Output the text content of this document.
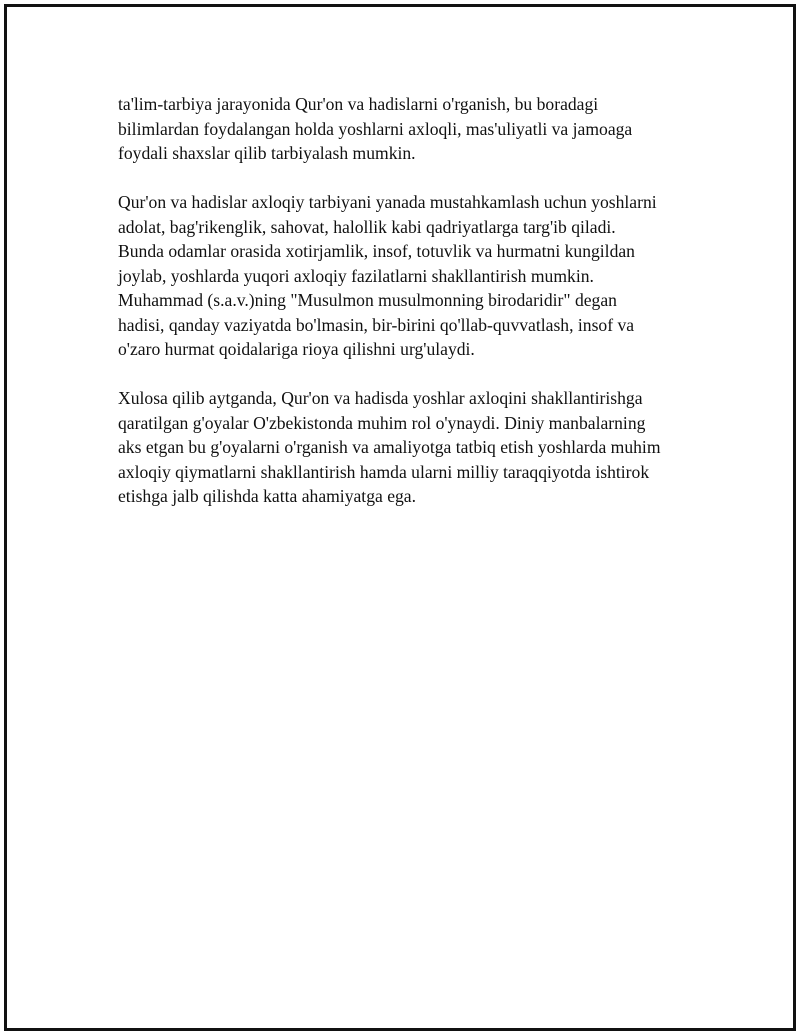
ta'lim-tarbiya jarayonida Qur'on va hadislarni o'rganish, bu boradagi
bilimlardan foydalangan holda yoshlarni axloqli, mas'uliyatli va jamoaga
foydali shaxslar qilib tarbiyalash mumkin.

Qur'on va hadislar axloqiy tarbiyani yanada mustahkamlash uchun yoshlarni
adolat, bag'rikenglik, sahovat, halollik kabi qadriyatlarga targ'ib qiladi.
Bunda odamlar orasida xotirjamlik, insof, totuvlik va hurmatni kungildan
joylab, yoshlarda yuqori axloqiy fazilatlarni shakllantirish mumkin.
Muhammad (s.a.v.)ning "Musulmon musulmonning birodaridir" degan
hadisi, qanday vaziyatda bo'lmasin, bir-birini qo'llab-quvvatlash, insof va
o'zaro hurmat qoidalariga rioya qilishni urg'ulaydi.

Xulosa qilib aytganda, Qur'on va hadisda yoshlar axloqini shakllantirishga
qaratilgan g'oyalar O'zbekistonda muhim rol o'ynaydi. Diniy manbalarning
aks etgan bu g'oyalarni o'rganish va amaliyotga tatbiq etish yoshlarda muhim
axloqiy qiymatlarni shakllantirish hamda ularni milliy taraqqiyotda ishtirok
etishga jalb qilishda katta ahamiyatga ega.
